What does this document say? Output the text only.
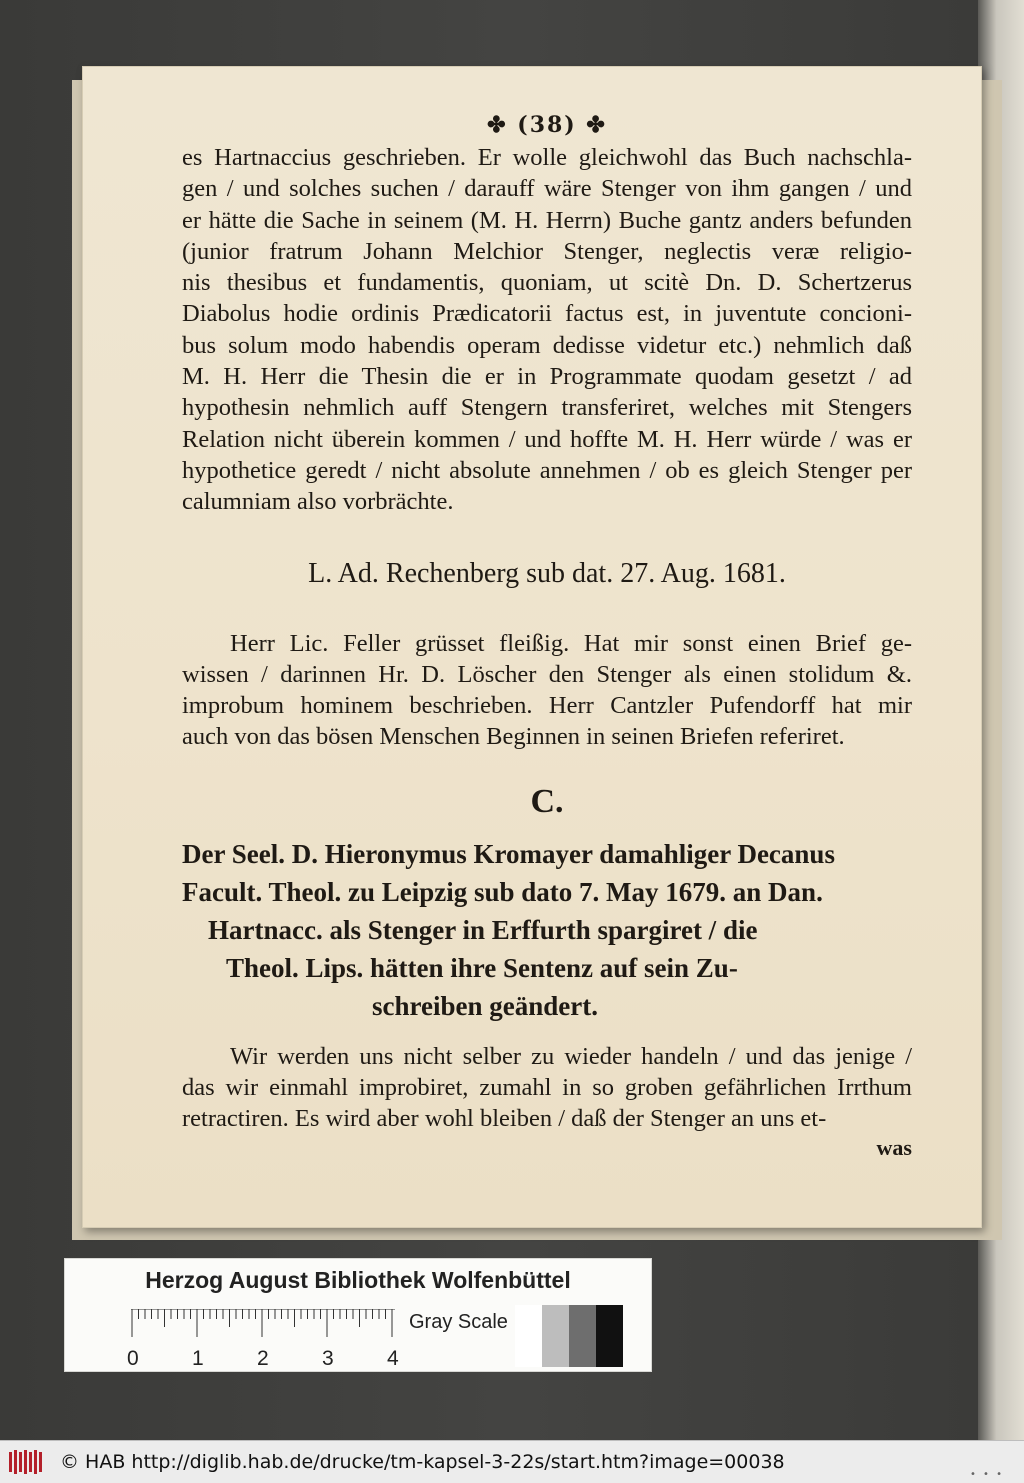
✤ (38) ✤
es Hartnaccius geschrieben. Er wolle gleichwohl das Buch nachschla-
gen / und solches suchen / darauff wäre Stenger von ihm gangen / und
er hätte die Sache in seinem (M. H. Herrn) Buche gantz anders befunden
(junior fratrum Johann Melchior Stenger, neglectis veræ religio-
nis thesibus et fundamentis, quoniam, ut scitè Dn. D. Schertzerus
Diabolus hodie ordinis Prædicatorii factus est, in juventute concioni-
bus solum modo habendis operam dedisse videtur etc.) nehmlich daß
M. H. Herr die Thesin die er in Programmate quodam gesetzt / ad
hypothesin nehmlich auff Stengern transferiret, welches mit Stengers
Relation nicht überein kommen / und hoffte M. H. Herr würde / was er
hypothetice geredt / nicht absolute annehmen / ob es gleich Stenger per
calumniam also vorbrächte.
L. Ad. Rechenberg sub dat. 27. Aug. 1681.
Herr Lic. Feller grüsset fleißig. Hat mir sonst einen Brief ge-
wissen / darinnen Hr. D. Löscher den Stenger als einen stolidum &.
improbum hominem beschrieben. Herr Cantzler Pufendorff hat mir
auch von das bösen Menschen Beginnen in seinen Briefen referiret.
C.
Der Seel. D. Hieronymus Kromayer damahliger Decanus
Facult. Theol. zu Leipzig sub dato 7. May 1679. an Dan.
Hartnacc. als Stenger in Erffurth spargiret / die
Theol. Lips. hätten ihre Sentenz auf sein Zu-
schreiben geändert.
Wir werden uns nicht selber zu wieder handeln / und das jenige /
das wir einmahl improbiret, zumahl in so groben gefährlichen Irrthum
retractiren. Es wird aber wohl bleiben / daß der Stenger an uns et-
was
Herzog August Bibliothek Wolfenbüttel
0	1	2	3	4
Gray Scale
© HAB http://diglib.hab.de/drucke/tm-kapsel-3-22s/start.htm?image=00038
• • •
